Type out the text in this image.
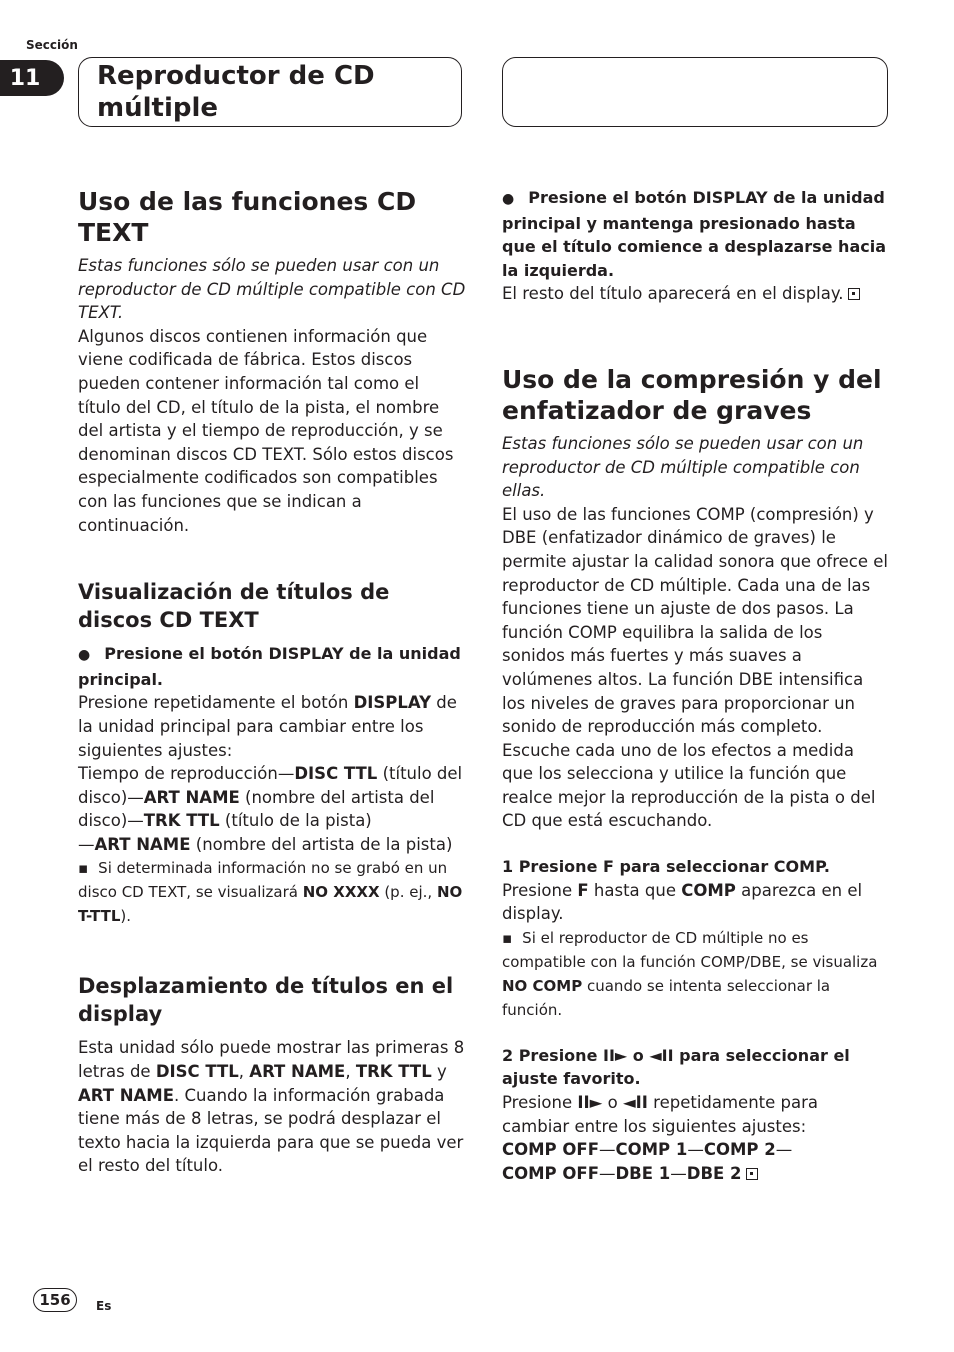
Sección
11	Reproductor de CD múltiple
Uso de las funciones CD TEXT

Estas funciones sólo se pueden usar con un reproductor de CD múltiple compatible con CD TEXT.

Algunos discos contienen información que viene codificada de fábrica. Estos discos pueden contener información tal como el título del CD, el título de la pista, el nombre del artista y el tiempo de reproducción, y se denominan discos CD TEXT. Sólo estos discos especialmente codificados son compatibles con las funciones que se indican a continuación.

Visualización de títulos de discos CD TEXT

● Presione el botón DISPLAY de la unidad principal.

Presione repetidamente el botón DISPLAY de la unidad principal para cambiar entre los siguientes ajustes:

Tiempo de reproducción—DISC TTL (título del disco)—ART NAME (nombre del artista del disco)—TRK TTL (título de la pista)
—ART NAME (nombre del artista de la pista)

▪ Si determinada información no se grabó en un disco CD TEXT, se visualizará NO XXXX (p. ej., NO T-TTL).

Desplazamiento de títulos en el display

Esta unidad sólo puede mostrar las primeras 8 letras de DISC TTL, ART NAME, TRK TTL y ART NAME. Cuando la información grabada tiene más de 8 letras, se podrá desplazar el texto hacia la izquierda para que se pueda ver el resto del título.

● Presione el botón DISPLAY de la unidad principal y mantenga presionado hasta que el título comience a desplazarse hacia la izquierda.

El resto del título aparecerá en el display.

Uso de la compresión y del enfatizador de graves

Estas funciones sólo se pueden usar con un reproductor de CD múltiple compatible con ellas.

El uso de las funciones COMP (compresión) y DBE (enfatizador dinámico de graves) le permite ajustar la calidad sonora que ofrece el reproductor de CD múltiple. Cada una de las funciones tiene un ajuste de dos pasos. La función COMP equilibra la salida de los sonidos más fuertes y más suaves a volúmenes altos. La función DBE intensifica los niveles de graves para proporcionar un sonido de reproducción más completo. Escuche cada uno de los efectos a medida que los selecciona y utilice la función que realce mejor la reproducción de la pista o del CD que está escuchando.

1 Presione F para seleccionar COMP.

Presione F hasta que COMP aparezca en el display.

▪ Si el reproductor de CD múltiple no es compatible con la función COMP/DBE, se visualiza NO COMP cuando se intenta seleccionar la función.

2 Presione II► o ◄II para seleccionar el ajuste favorito.

Presione II► o ◄II repetidamente para cambiar entre los siguientes ajustes:

COMP OFF—COMP 1—COMP 2—
COMP OFF—DBE 1—DBE 2

156	Es
